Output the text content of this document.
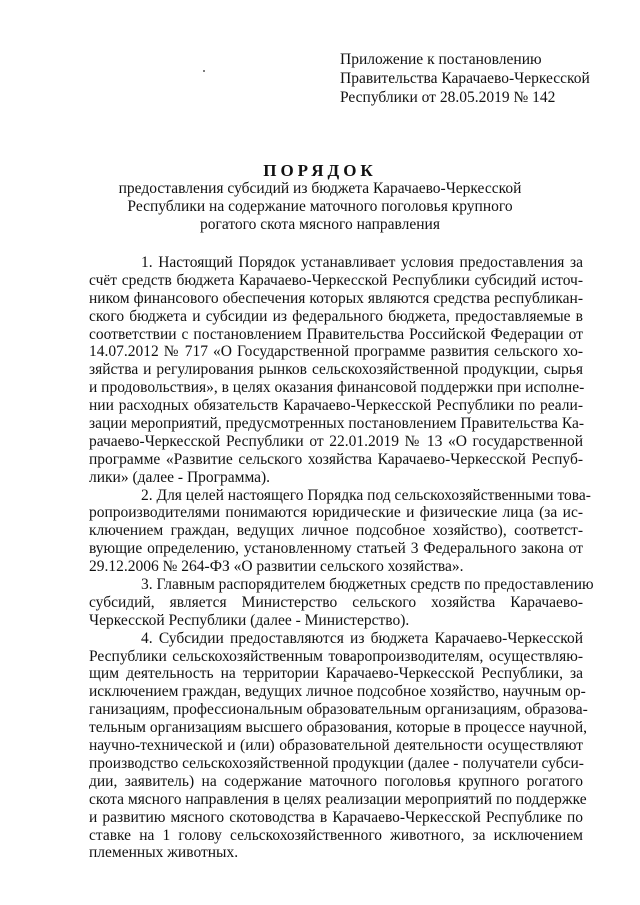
Приложение к постановлению
Правительства Карачаево-Черкесской
Республики от 28.05.2019 № 142
ПОРЯДОК
предоставления субсидий из бюджета Карачаево-Черкесской
Республики на содержание маточного поголовья крупного
рогатого скота мясного направления
1. Настоящий Порядок устанавливает условия предоставления за
счёт средств бюджета Карачаево-Черкесской Республики субсидий источ-
ником финансового обеспечения которых являются средства республикан-
ского бюджета и субсидии из федерального бюджета, предоставляемые в
соответствии с постановлением Правительства Российской Федерации от
14.07.2012 № 717 «О Государственной программе развития сельского хо-
зяйства и регулирования рынков сельскохозяйственной продукции, сырья
и продовольствия», в целях оказания финансовой поддержки при исполне-
нии расходных обязательств Карачаево-Черкесской Республики по реали-
зации мероприятий, предусмотренных постановлением Правительства Ка-
рачаево-Черкесской Республики от 22.01.2019 № 13 «О государственной
программе «Развитие сельского хозяйства Карачаево-Черкесской Респуб-
лики» (далее - Программа).
2. Для целей настоящего Порядка под сельскохозяйственными това-
ропроизводителями понимаются юридические и физические лица (за ис-
ключением граждан, ведущих личное подсобное хозяйство), соответст-
вующие определению, установленному статьей 3 Федерального закона от
29.12.2006 № 264-ФЗ «О развитии сельского хозяйства».
3. Главным распорядителем бюджетных средств по предоставлению
субсидий, является Министерство сельского хозяйства Карачаево-
Черкесской Республики (далее - Министерство).
4. Субсидии предоставляются из бюджета Карачаево-Черкесской
Республики сельскохозяйственным товаропроизводителям, осуществляю-
щим деятельность на территории Карачаево-Черкесской Республики, за
исключением граждан, ведущих личное подсобное хозяйство, научным ор-
ганизациям, профессиональным образовательным организациям, образова-
тельным организациям высшего образования, которые в процессе научной,
научно-технической и (или) образовательной деятельности осуществляют
производство сельскохозяйственной продукции (далее - получатели субси-
дии, заявитель) на содержание маточного поголовья крупного рогатого
скота мясного направления в целях реализации мероприятий по поддержке
и развитию мясного скотоводства в Карачаево-Черкесской Республике по
ставке на 1 голову сельскохозяйственного животного, за исключением
племенных животных.
